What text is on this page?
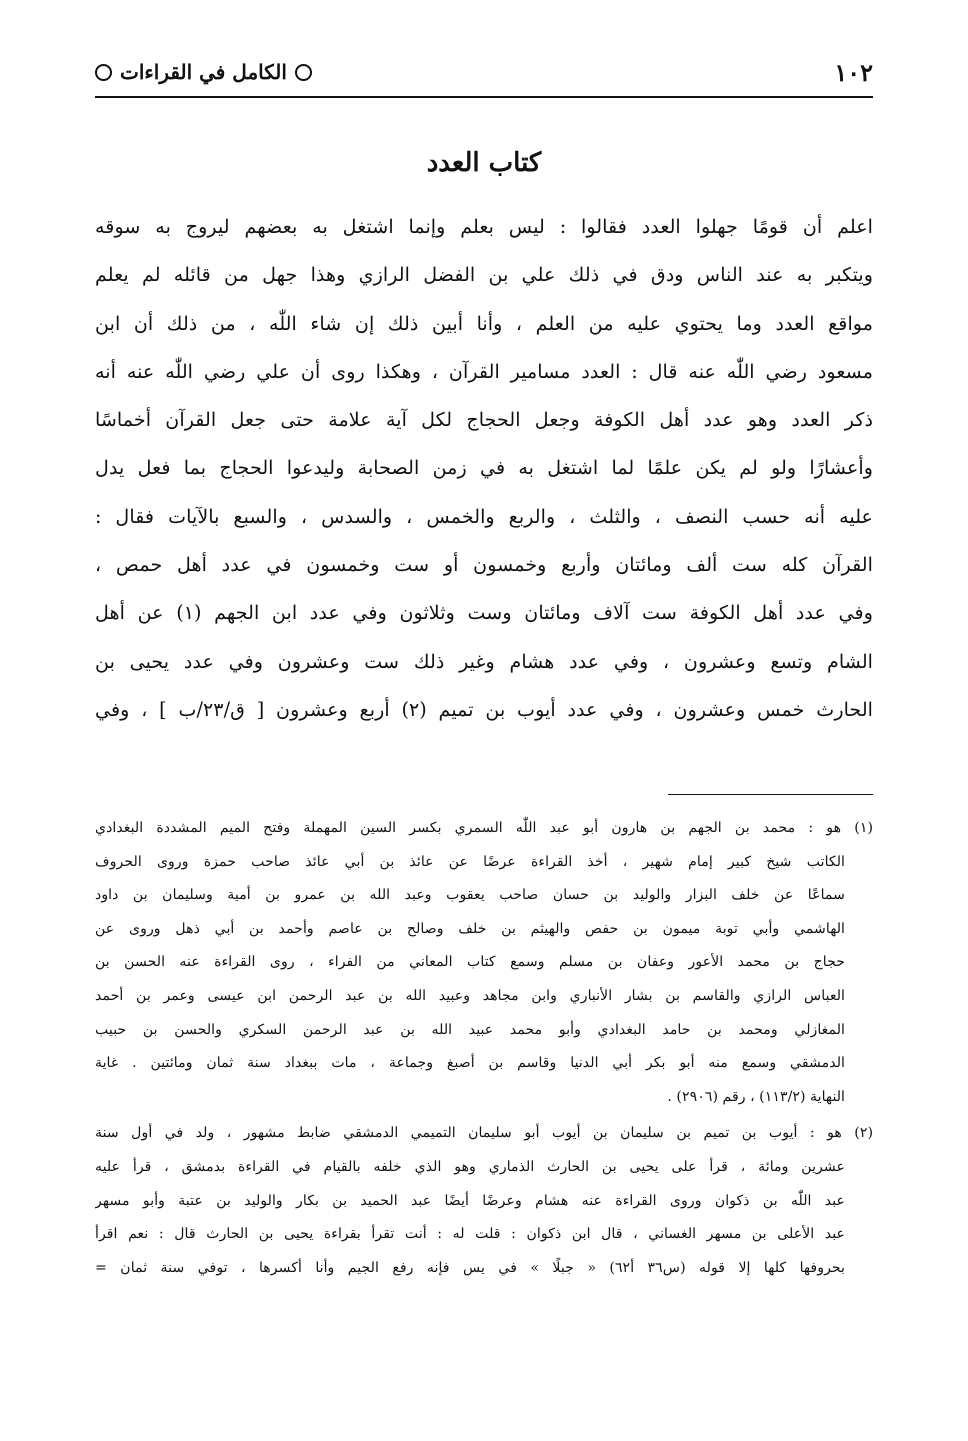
١٠٢
الكامل في القراءات
كتاب العدد
اعلم أن قومًا جهلوا العدد فقالوا : ليس بعلم وإنما اشتغل به بعضهم ليروج به سوقه
ويتكبر به عند الناس ودق في ذلك علي بن الفضل الرازي وهذا جهل من قائله لم يعلم
مواقع العدد وما يحتوي عليه من العلم ، وأنا أبين ذلك إن شاء اللّٰه ، من ذلك أن ابن
مسعود رضي اللّٰه عنه قال : العدد مسامير القرآن ، وهكذا روى أن علي رضي اللّٰه عنه أنه
ذكر العدد وهو عدد أهل الكوفة وجعل الحجاج لكل آية علامة حتى جعل القرآن أخماسًا
وأعشارًا ولو لم يكن علمًا لما اشتغل به في زمن الصحابة وليدعوا الحجاج بما فعل يدل
عليه أنه حسب النصف ، والثلث ، والربع والخمس ، والسدس ، والسبع بالآيات فقال :
القرآن كله ست ألف ومائتان وأربع وخمسون أو ست وخمسون في عدد أهل حمص ،
وفي عدد أهل الكوفة ست آلاف ومائتان وست وثلاثون وفي عدد ابن الجهم (١) عن أهل
الشام وتسع وعشرون ، وفي عدد هشام وغير ذلك ست وعشرون وفي عدد يحيى بن
الحارث خمس وعشرون ، وفي عدد أيوب بن تميم (٢) أربع وعشرون [ ق/٢٣/ب ] ، وفي
(١) هو : محمد بن الجهم بن هارون أبو عبد اللّٰه السمري بكسر السين المهملة وفتح الميم المشددة البغدادي
الكاتب شيخ كبير إمام شهير ، أخذ القراءة عرضًا عن عائذ بن أبي عائذ صاحب حمزة وروى الحروف
سماعًا عن خلف البزار والوليد بن حسان صاحب يعقوب وعبد الله بن عمرو بن أمية وسليمان بن داود
الهاشمي وأبي توبة ميمون بن حفص والهيثم بن خلف وصالح بن عاصم وأحمد بن أبي ذهل وروى عن
حجاج بن محمد الأعور وعفان بن مسلم وسمع كتاب المعاني من الفراء ، روى القراءة عنه الحسن بن
العباس الرازي والقاسم بن بشار الأنباري وابن مجاهد وعبيد الله بن عبد الرحمن ابن عيسى وعمر بن أحمد
المغازلي ومحمد بن حامد البغدادي وأبو محمد عبيد الله بن عبد الرحمن السكري والحسن بن حبيب
الدمشقي وسمع منه أبو بكر أبي الدنيا وقاسم بن أصبغ وجماعة ، مات ببغداد سنة ثمان ومائتين . غاية
النهاية (١١٣/٢) ، رقم (٢٩٠٦) .
(٢) هو : أيوب بن تميم بن سليمان بن أيوب أبو سليمان التميمي الدمشقي ضابط مشهور ، ولد في أول سنة
عشرين ومائة ، قرأ على يحيى بن الحارث الذماري وهو الذي خلفه بالقيام في القراءة بدمشق ، قرأ عليه
عبد اللّٰه بن ذكوان وروى القراءة عنه هشام وعرضًا أيضًا عبد الحميد بن بكار والوليد بن عتبة وأبو مسهر
عبد الأعلى بن مسهر الغساني ، قال ابن ذكوان : قلت له : أنت تقرأ بقراءة يحيى بن الحارث قال : نعم اقرأ
بحروفها كلها إلا قوله (س٣٦ أ٦٢) « جبلًا » في يس فإنه رفع الجيم وأنا أكسرها ، توفي سنة ثمان =
